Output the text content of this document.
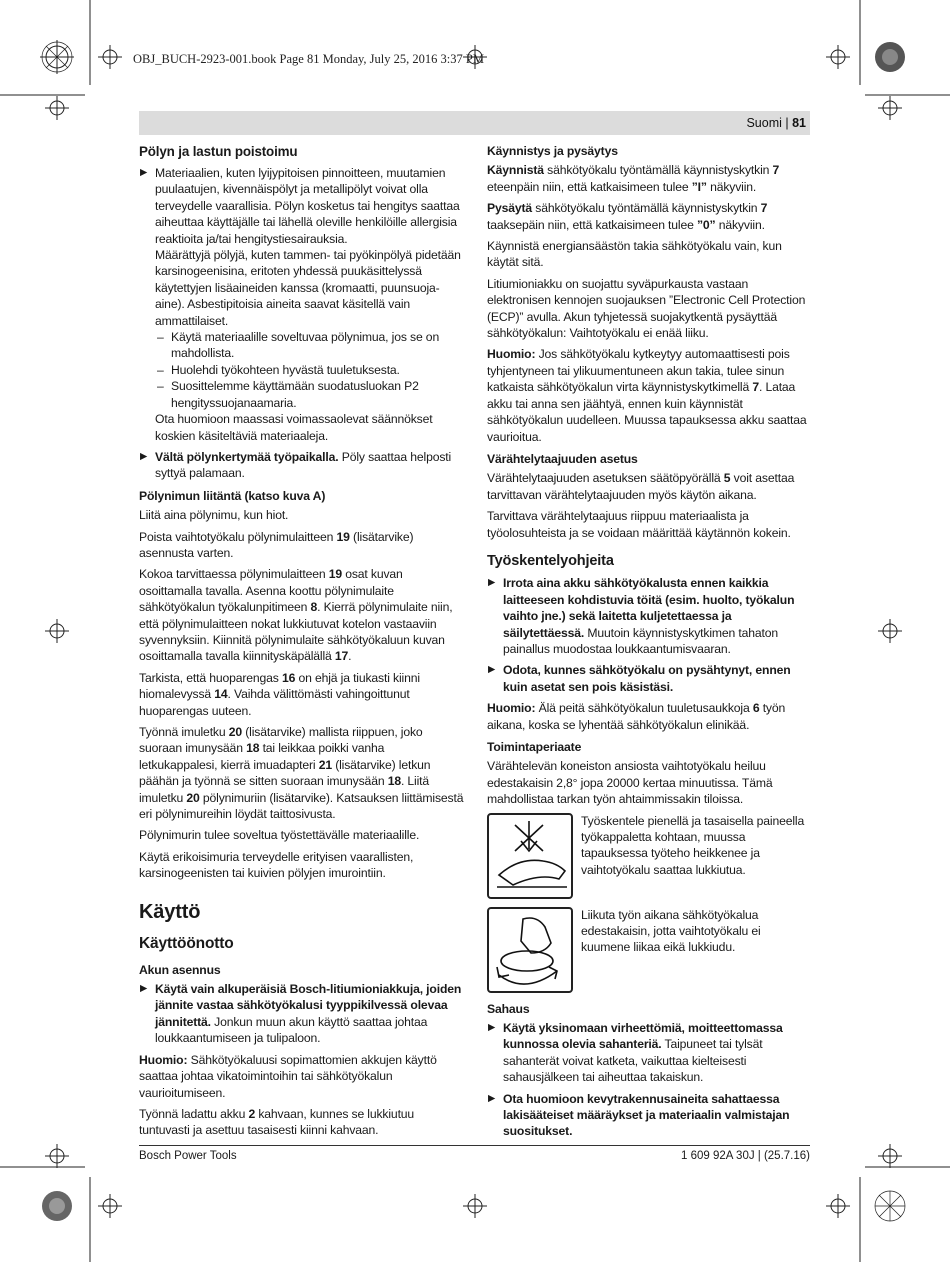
OBJ_BUCH-2923-001.book Page 81 Monday, July 25, 2016 3:37 PM
Suomi | 81
Pölyn ja lastun poistoimu
▶ Materiaalien, kuten lyijypitoisen pinnoitteen, muutamien puulaatujen, kivennäispölyt ja metallipölyt voivat olla terveydelle vaarallisia. Pölyn kosketus tai hengitys saattaa aiheuttaa käyttäjälle tai lähellä oleville henkilöille allergisia reaktioita ja/tai hengitystiesairauksia.
Määrättyjä pölyjä, kuten tammen- tai pyökinpölyä pidetään karsinogeenisina, eritoten yhdessä puukäsittelyssä käytettyjen lisäaineiden kanssa (kromaatti, puunsuoja-aine). Asbestipitoisia aineita saavat käsitellä vain ammattilaiset.
– Käytä materiaalille soveltuvaa pölynimua, jos se on mahdollista.
– Huolehdi työkohteen hyvästä tuuletuksesta.
– Suosittelemme käyttämään suodatusluokan P2 hengityssuojanaamaria.
Ota huomioon maassasi voimassaolevat säännökset koskien käsiteltäviä materiaaleja.
▶ Vältä pölynkertymää työpaikalla. Pöly saattaa helposti syttyä palamaan.
Pölynimun liitäntä (katso kuva A)

Liitä aina pölynimu, kun hiot.

Poista vaihtotyökalu pölynimulaitteen 19 (lisätarvike) asennusta varten.

Kokoa tarvittaessa pölynimulaitteen 19 osat kuvan osoittamalla tavalla. Asenna koottu pölynimulaite sähkötyökalun työkalunpitimeen 8. Kierrä pölynimulaite niin, että pölynimulaitteen nokat lukkiutuvat kotelon vastaaviin syvennyksiin. Kiinnitä pölynimulaite sähkötyökaluun kuvan osoittamalla tavalla kiinnityskäpälällä 17.

Tarkista, että huoparengas 16 on ehjä ja tiukasti kiinni hiomalevyssä 14. Vaihda välittömästi vahingoittunut huoparengas uuteen.

Työnnä imuletku 20 (lisätarvike) mallista riippuen, joko suoraan imunysään 18 tai leikkaa poikki vanha letkukappalesi, kierrä imuadapteri 21 (lisätarvike) letkun päähän ja työnnä se sitten suoraan imunysään 18. Liitä imuletku 20 pölynimuriin (lisätarvike). Katsauksen liittämisestä eri pölynimureihin löydät taittosivusta.

Pölynimurin tulee soveltua työstettävälle materiaalille.

Käytä erikoisimuria terveydelle erityisen vaarallisten, karsinogeenisten tai kuivien pölyjen imurointiin.

Käyttö
Käyttöönotto
Akun asennus
▶ Käytä vain alkuperäisiä Bosch-litiumioniakkuja, joiden jännite vastaa sähkötyökalusi tyyppikilvessä olevaa jännitettä. Jonkun muun akun käyttö saattaa johtaa loukkaantumiseen ja tulipaloon.

Huomio: Sähkötyökaluusi sopimattomien akkujen käyttö saattaa johtaa vikatoimintoihin tai sähkötyökalun vaurioitumiseen.

Työnnä ladattu akku 2 kahvaan, kunnes se lukkiutuu tuntuvasti ja asettuu tasaisesti kiinni kahvaan.

Käynnistys ja pysäytys

Käynnistä sähkötyökalu työntämällä käynnistyskytkin 7 eteenpäin niin, että katkaisimeen tulee ”I” näkyviin.

Pysäytä sähkötyökalu työntämällä käynnistyskytkin 7 taaksepäin niin, että katkaisimeen tulee ”0” näkyviin.

Käynnistä energiansäästön takia sähkötyökalu vain, kun käytät sitä.

Litiumioniakku on suojattu syväpurkausta vastaan elektronisen kennojen suojauksen ”Electronic Cell Protection (ECP)” avulla. Akun tyhjetessä suojakytkentä pysäyttää sähkötyökalun: Vaihtotyökalu ei enää liiku.

Huomio: Jos sähkötyökalu kytkeytyy automaattisesti pois tyhjentyneen tai ylikuumentuneen akun takia, tulee sinun katkaista sähkötyökalun virta käynnistyskytkimellä 7. Lataa akku tai anna sen jäähtyä, ennen kuin käynnistät sähkötyökalun uudelleen. Muussa tapauksessa akku saattaa vaurioitua.

Värähtelytaajuuden asetus

Värähtelytaajuuden asetuksen säätöpyörällä 5 voit asettaa tarvittavan värähtelytaajuuden myös käytön aikana.

Tarvittava värähtelytaajuus riippuu materiaalista ja työolosuhteista ja se voidaan määrittää käytännön kokein.

Työskentelyohjeita
▶ Irrota aina akku sähkötyökalusta ennen kaikkia laitteeseen kohdistuvia töitä (esim. huolto, työkalun vaihto jne.) sekä laitetta kuljetettaessa ja säilytettäessä. Muutoin käynnistyskytkimen tahaton painallus muodostaa loukkaantumisvaaran.
▶ Odota, kunnes sähkötyökalu on pysähtynyt, ennen kuin asetat sen pois käsistäsi.

Huomio: Älä peitä sähkötyökalun tuuletusaukkoja 6 työn aikana, koska se lyhentää sähkötyökalun elinikää.

Toimintaperiaate

Värähtelevän koneiston ansiosta vaihtotyökalu heiluu edestakaisin 2,8° jopa 20000 kertaa minuutissa. Tämä mahdollistaa tarkan työn ahtaimmissakin tiloissa.

Työskentele pienellä ja tasaisella paineella työkappaletta kohtaan, muussa tapauksessa työteho heikkenee ja vaihtotyökalu saattaa lukkiutua.
Liikuta työn aikana sähkötyökalua edestakaisin, jotta vaihtotyökalu ei kuumene liikaa eikä lukkiudu.
Sahaus
▶ Käytä yksinomaan virheettömiä, moitteettomassa kunnossa olevia sahanteriä. Taipuneet tai tylsät sahanterät voivat katketa, vaikuttaa kielteisesti sahausjälkeen tai aiheuttaa takaiskun.
▶ Ota huomioon kevytrakennusaineita sahattaessa lakisääteiset määräykset ja materiaalin valmistajan suositukset.
Bosch Power Tools	1 609 92A 30J | (25.7.16)
